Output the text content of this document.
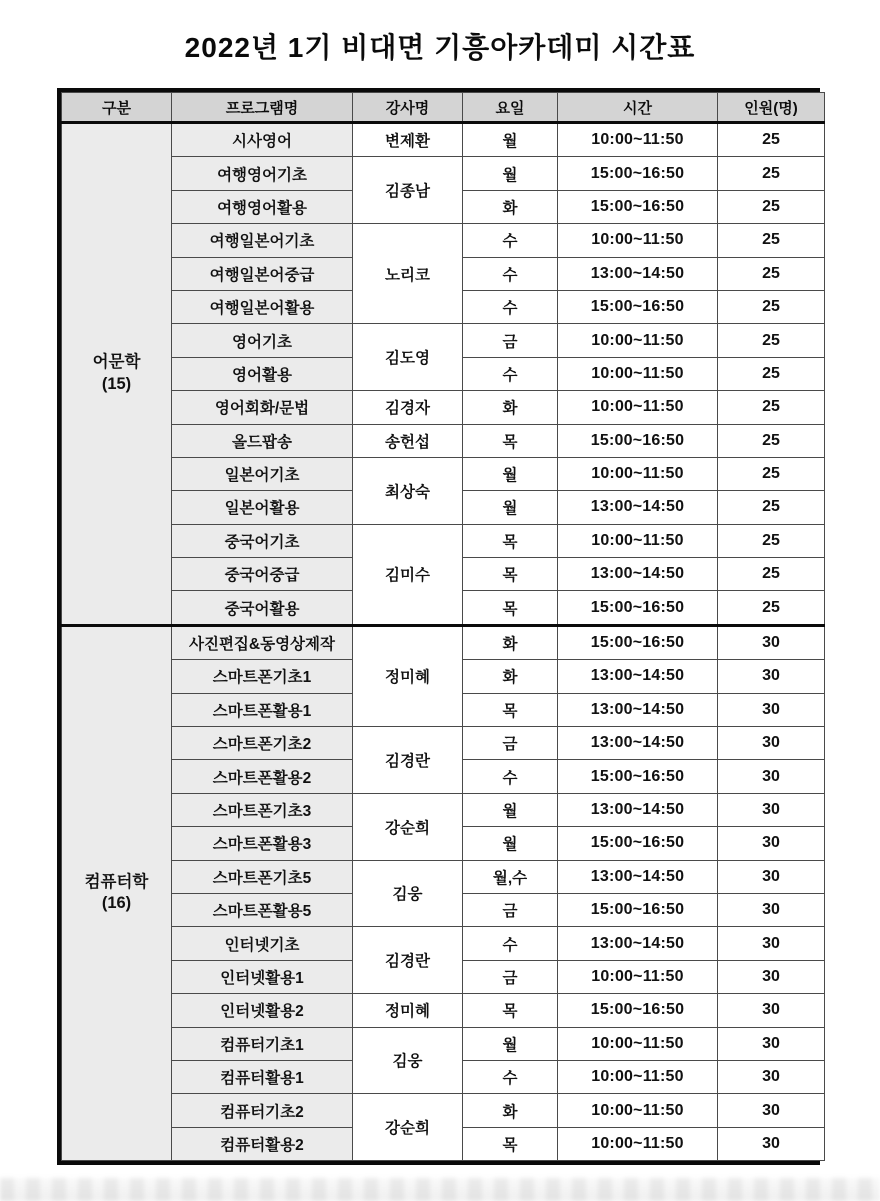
2022년 1기 비대면 기흥아카데미 시간표
구분	프로그램명	강사명	요일	시간	인원(명)

어문학
(15)	시사영어	변제환	월	10:00~11:50	25
	여행영어기초	김종남	월	15:00~16:50	25
	여행영어활용		화	15:00~16:50	25
	여행일본어기초	노리코	수	10:00~11:50	25
	여행일본어중급		수	13:00~14:50	25
	여행일본어활용		수	15:00~16:50	25
	영어기초	김도영	금	10:00~11:50	25
	영어활용		수	10:00~11:50	25
	영어회화/문법	김경자	화	10:00~11:50	25
	올드팝송	송헌섭	목	15:00~16:50	25
	일본어기초	최상숙	월	10:00~11:50	25
	일본어활용		월	13:00~14:50	25
	중국어기초	김미수	목	10:00~11:50	25
	중국어중급		목	13:00~14:50	25
	중국어활용		목	15:00~16:50	25

컴퓨터학
(16)	사진편집&동영상제작	정미혜	화	15:00~16:50	30
	스마트폰기초1		화	13:00~14:50	30
	스마트폰활용1		목	13:00~14:50	30
	스마트폰기초2	김경란	금	13:00~14:50	30
	스마트폰활용2		수	15:00~16:50	30
	스마트폰기초3	강순희	월	13:00~14:50	30
	스마트폰활용3		월	15:00~16:50	30
	스마트폰기초5	김웅	월,수	13:00~14:50	30
	스마트폰활용5		금	15:00~16:50	30
	인터넷기초	김경란	수	13:00~14:50	30
	인터넷활용1		금	10:00~11:50	30
	인터넷활용2	정미혜	목	15:00~16:50	30
	컴퓨터기초1	김웅	월	10:00~11:50	30
	컴퓨터활용1		수	10:00~11:50	30
	컴퓨터기초2	강순희	화	10:00~11:50	30
	컴퓨터활용2		목	10:00~11:50	30
